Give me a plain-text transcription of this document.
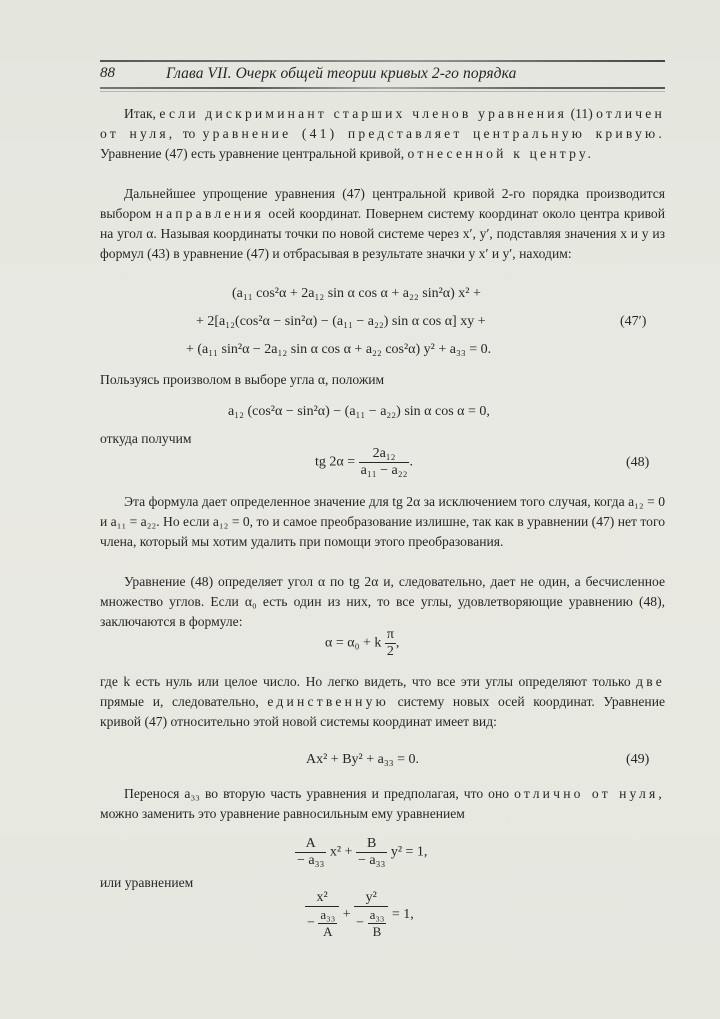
88	Глава VII. Очерк общей теории кривых 2-го порядка

Итак, если дискриминант старших членов уравнения (11) отличен от нуля, то уравнение (41) представляет центральную кривую. Уравнение (47) есть уравнение центральной кривой, отнесенной к центру.

Дальнейшее упрощение уравнения (47) центральной кривой 2-го порядка производится выбором направления осей координат. Повернем систему координат около центра кривой на угол α. Называя координаты точки по новой системе через x′, y′, подставляя значения x и y из формул (43) в уравнение (47) и отбрасывая в результате значки у x′ и y′, находим:

(a₁₁ cos²α + 2a₁₂ sin α cos α + a₂₂ sin²α) x² +
+ 2[a₁₂(cos²α − sin²α) − (a₁₁ − a₂₂) sin α cos α] xy +	(47′)
+ (a₁₁ sin²α − 2a₁₂ sin α cos α + a₂₂ cos²α) y² + a₃₃ = 0.

Пользуясь произволом в выборе угла α, положим

a₁₂ (cos²α − sin²α) − (a₁₁ − a₂₂) sin α cos α = 0,

откуда получим

tg $2\alpha = \frac{\text{2a₁₂}}{\text{a₁₁ − a₂₂}}$ .	(48)

Эта формула дает определенное значение для tg 2α за исключением того случая, когда a₁₂ = 0 и a₁₁ = a₂₂. Но если a₁₂ = 0, то и самое преобразование излишне, так как в уравнении (47) нет того члена, который мы хотим удалить при помощи этого преобразования.

Уравнение (48) определяет угол α по tg 2α и, следовательно, дает не один, а бесчисленное множество углов. Если α₀ есть один из них, то все углы, удовлетворяющие уравнению (48), заключаются в формуле:

α = α₀ + k $\frac{\pi}{2}$ ,

где k есть нуль или целое число. Но легко видеть, что все эти углы определяют только две прямые и, следовательно, единственную систему новых осей координат. Уравнение кривой (47) относительно этой новой системы координат имеет вид:

Ax² + By² + a₃₃ = 0.	(49)

Перенося a₃₃ во вторую часть уравнения и предполагая, что оно отлично от нуля, можно заменить это уравнение равносильным ему уравнением

$\frac{A}{\text{− a₃₃}} x^2 + \frac{B}{\text{− a₃₃}} y^2 = 1$,

или уравнением

$\frac{\text{x²}}{- \frac{\text{a₃₃}}{A}} + \frac{\text{y²}}{- \frac{\text{a₃₃}}{B}} = 1$,
